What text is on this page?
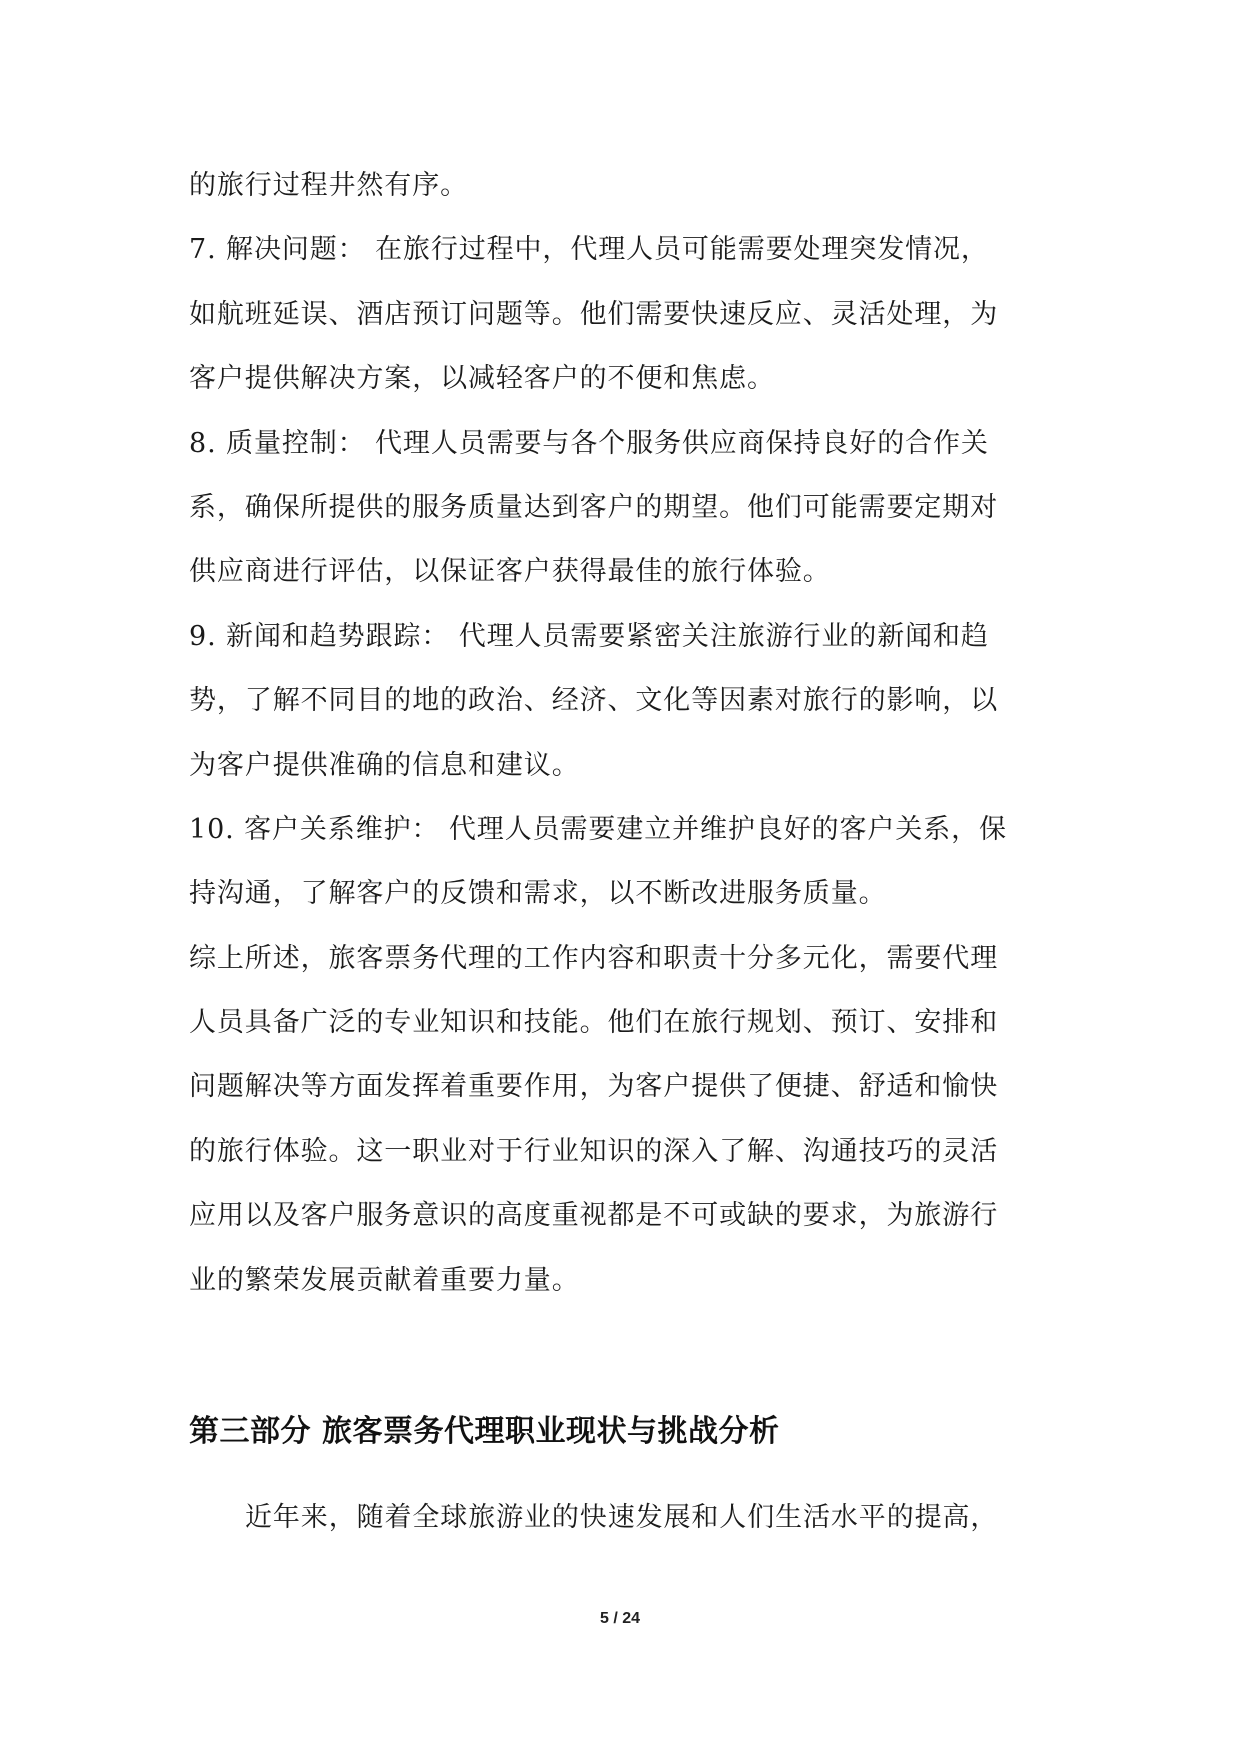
的旅行过程井然有序。
7. 解决问题： 在旅行过程中，代理人员可能需要处理突发情况，
如航班延误、酒店预订问题等。他们需要快速反应、灵活处理，为
客户提供解决方案，以减轻客户的不便和焦虑。
8. 质量控制： 代理人员需要与各个服务供应商保持良好的合作关
系，确保所提供的服务质量达到客户的期望。他们可能需要定期对
供应商进行评估，以保证客户获得最佳的旅行体验。
9. 新闻和趋势跟踪： 代理人员需要紧密关注旅游行业的新闻和趋
势，了解不同目的地的政治、经济、文化等因素对旅行的影响，以
为客户提供准确的信息和建议。
10. 客户关系维护： 代理人员需要建立并维护良好的客户关系，保
持沟通，了解客户的反馈和需求，以不断改进服务质量。
综上所述，旅客票务代理的工作内容和职责十分多元化，需要代理
人员具备广泛的专业知识和技能。他们在旅行规划、预订、安排和
问题解决等方面发挥着重要作用，为客户提供了便捷、舒适和愉快
的旅行体验。这一职业对于行业知识的深入了解、沟通技巧的灵活
应用以及客户服务意识的高度重视都是不可或缺的要求，为旅游行
业的繁荣发展贡献着重要力量。
第三部分 旅客票务代理职业现状与挑战分析
近年来，随着全球旅游业的快速发展和人们生活水平的提高，
5 / 24
